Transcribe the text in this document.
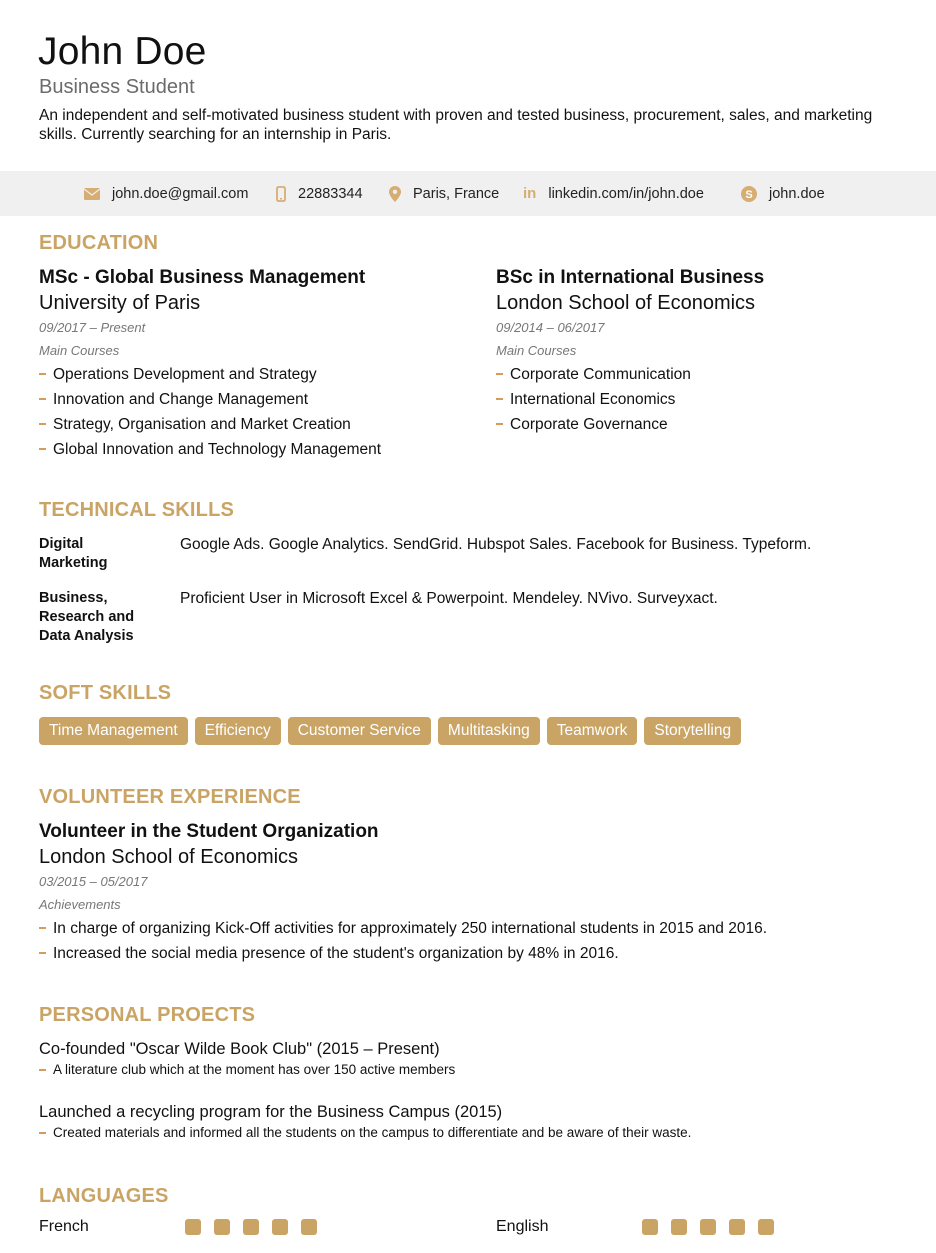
John Doe
Business Student
An independent and self-motivated business student with proven and tested business, procurement, sales, and marketing skills. Currently searching for an internship in Paris.
john.doe@gmail.com	22883344	Paris, France in linkedin.com/in/john.doe	S john.doe
EDUCATION
MSc - Global Business Management
University of Paris
09/2017 – Present
Main Courses
Operations Development and Strategy
Innovation and Change Management
Strategy, Organisation and Market Creation
Global Innovation and Technology Management
BSc in International Business
London School of Economics
09/2014 – 06/2017
Main Courses
Corporate Communication
International Economics
Corporate Governance
TECHNICAL SKILLS
Digital Marketing
Google Ads. Google Analytics. SendGrid. Hubspot Sales. Facebook for Business. Typeform.
Business, Research and Data Analysis
Proficient User in Microsoft Excel & Powerpoint. Mendeley. NVivo. Surveyxact.
SOFT SKILLS
Time Management	Efficiency	Customer Service	Multitasking	Teamwork	Storytelling
VOLUNTEER EXPERIENCE
Volunteer in the Student Organization
London School of Economics
03/2015 – 05/2017
Achievements
In charge of organizing Kick-Off activities for approximately 250 international students in 2015 and 2016.
Increased the social media presence of the student's organization by 48% in 2016.
PERSONAL PROECTS
Co-founded "Oscar Wilde Book Club" (2015 – Present)
A literature club which at the moment has over 150 active members
Launched a recycling program for the Business Campus (2015)
Created materials and informed all the students on the campus to differentiate and be aware of their waste.
LANGUAGES
French	English
